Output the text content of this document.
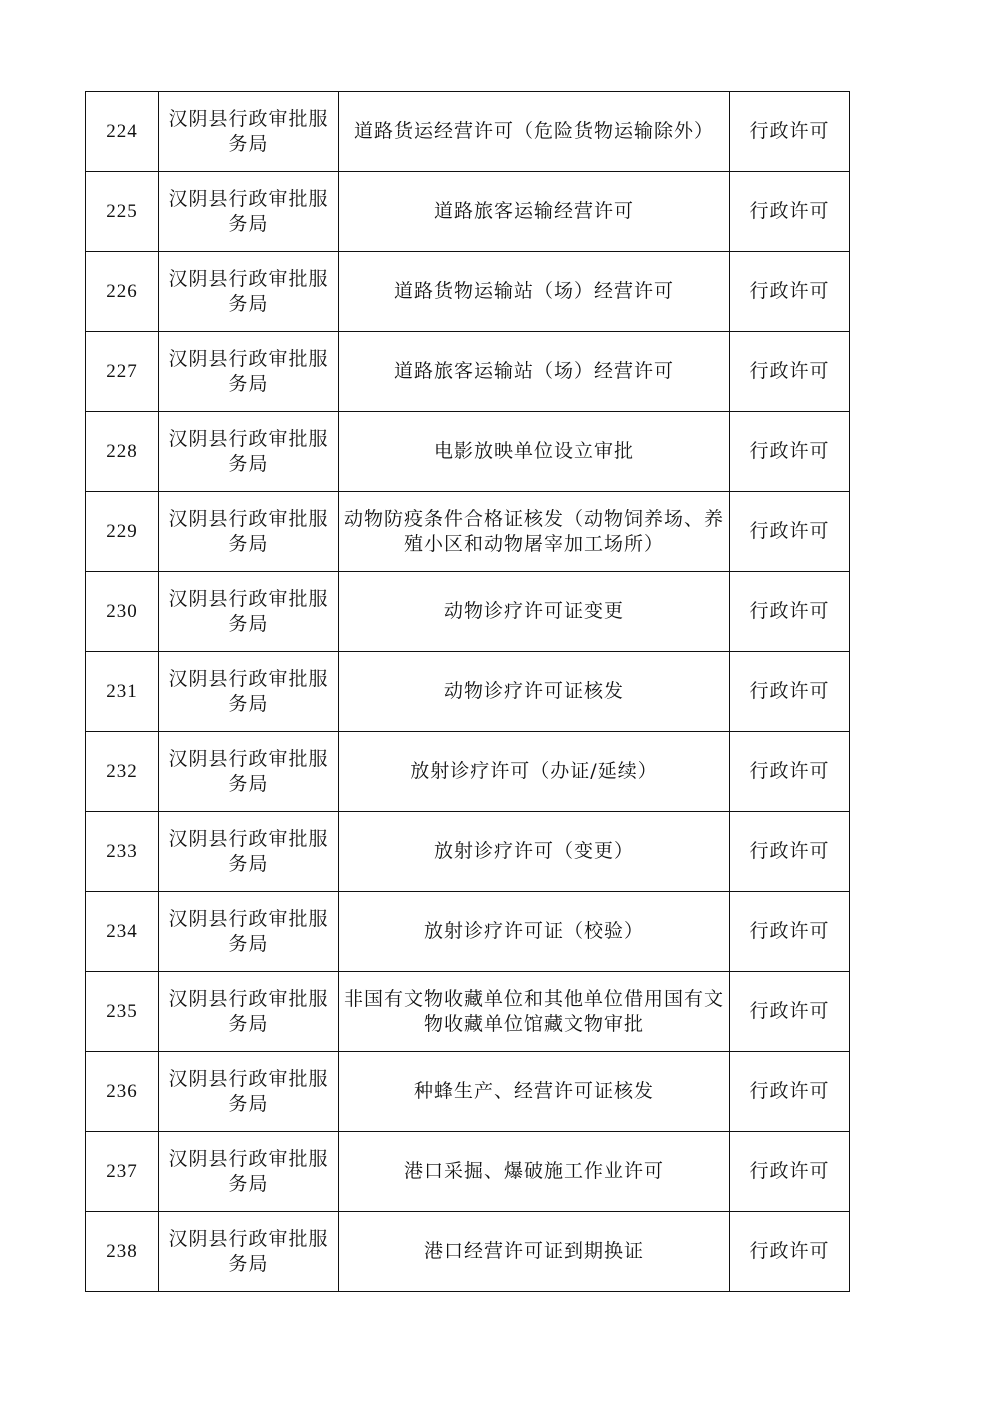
224	汉阴县行政审批服务局	道路货运经营许可（危险货物运输除外）	行政许可
225	汉阴县行政审批服务局	道路旅客运输经营许可	行政许可
226	汉阴县行政审批服务局	道路货物运输站（场）经营许可	行政许可
227	汉阴县行政审批服务局	道路旅客运输站（场）经营许可	行政许可
228	汉阴县行政审批服务局	电影放映单位设立审批	行政许可
229	汉阴县行政审批服务局	动物防疫条件合格证核发（动物饲养场、养殖小区和动物屠宰加工场所）	行政许可
230	汉阴县行政审批服务局	动物诊疗许可证变更	行政许可
231	汉阴县行政审批服务局	动物诊疗许可证核发	行政许可
232	汉阴县行政审批服务局	放射诊疗许可（办证/延续）	行政许可
233	汉阴县行政审批服务局	放射诊疗许可（变更）	行政许可
234	汉阴县行政审批服务局	放射诊疗许可证（校验）	行政许可
235	汉阴县行政审批服务局	非国有文物收藏单位和其他单位借用国有文物收藏单位馆藏文物审批	行政许可
236	汉阴县行政审批服务局	种蜂生产、经营许可证核发	行政许可
237	汉阴县行政审批服务局	港口采掘、爆破施工作业许可	行政许可
238	汉阴县行政审批服务局	港口经营许可证到期换证	行政许可
